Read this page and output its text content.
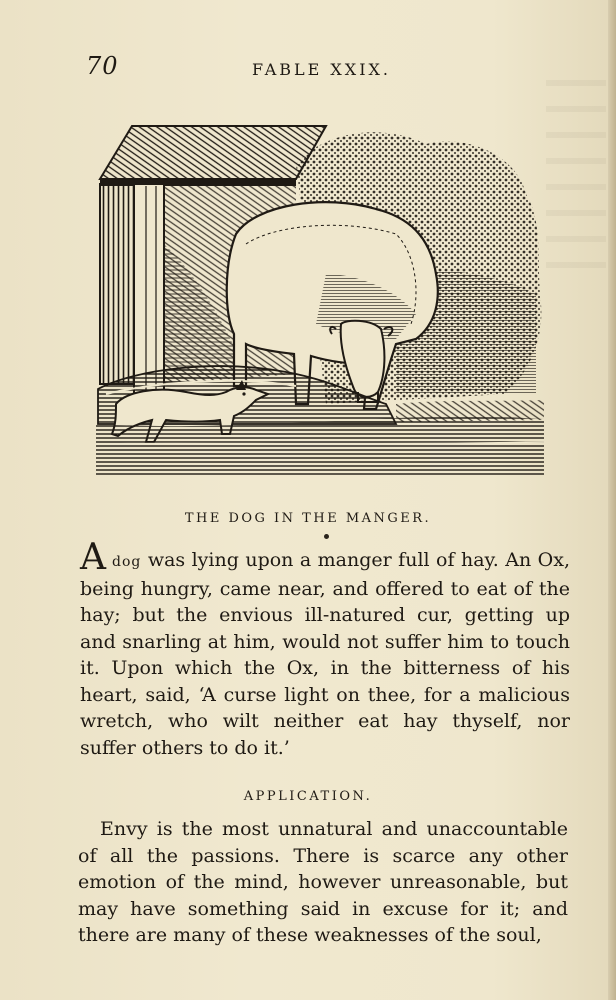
70	FABLE XXIX.
THE DOG IN THE MANGER.
Adog was lying upon a manger full of hay. An Ox, being hungry, came near, and offered to eat of the hay; but the envious ill-natured cur, getting up and snarling at him, would not suffer him to touch it. Upon which the Ox, in the bitterness of his heart, said, ‘A curse light on thee, for a malicious wretch, who wilt neither eat hay thyself, nor suffer others to do it.’
APPLICATION.
Envy is the most unnatural and unaccountable of all the passions. There is scarce any other emotion of the mind, however unreasonable, but may have something said in excuse for it; and there are many of these weaknesses of the soul,
